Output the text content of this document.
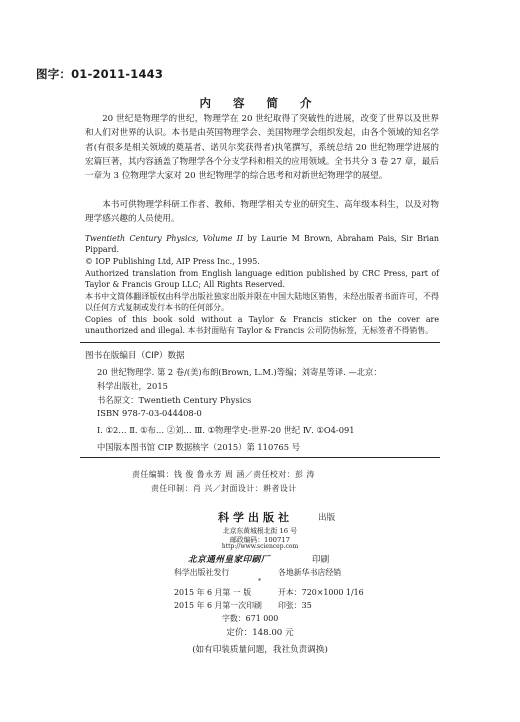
图字：01-2011-1443
内 容 简 介

20 世纪是物理学的世纪，物理学在 20 世纪取得了突破性的进展，改变了世界以及世界和人们对世界的认识。本书是由英国物理学会、美国物理学会组织发起，由各个领域的知名学者(有很多是相关领域的奠基者、诺贝尔奖获得者)执笔撰写，系统总结 20 世纪物理学进展的宏篇巨著，其内容涵盖了物理学各个分支学科和相关的应用领域。全书共分 3 卷 27 章，最后一章为 3 位物理学大家对 20 世纪物理学的综合思考和对新世纪物理学的展望。

本书可供物理学科研工作者、教师、物理学相关专业的研究生、高年级本科生，以及对物理学感兴趣的人员使用。

Twentieth Century Physics, Volume II by Laurie M Brown, Abraham Pais, Sir Brian Pippard.

© IOP Publishing Ltd, AIP Press Inc., 1995.

Authorized translation from English language edition published by CRC Press, part of Taylor & Francis Group LLC; All Rights Reserved.

本书中文简体翻译版权由科学出版社独家出版并限在中国大陆地区销售，未经出版者书面许可，不得以任何方式复制或发行本书的任何部分。

Copies of this book sold without a Taylor & Francis sticker on the cover are unauthorized and illegal. 本书封面贴有 Taylor & Francis 公司防伪标签，无标签者不得销售。

图书在版编目（CIP）数据
20 世纪物理学. 第 2 卷/(美)布朗(Brown, L.M.)等编；刘寄星等译. —北京：
科学出版社，2015
书名原文：Twentieth Century Physics
ISBN 978-7-03-044408-0
Ⅰ. ①2… Ⅱ. ①布… ②刘… Ⅲ. ①物理学史-世界-20 世纪 Ⅳ. ①O4-091
中国版本图书馆 CIP 数据核字（2015）第 110765 号
责任编辑：钱 俊 鲁永芳 周 涵／责任校对：彭 涛
责任印制：肖 兴／封面设计：耕者设计
科学出版社	出版
北京东黄城根北街 16 号
邮政编码：100717
http://www.sciencep.com
北京通州皇家印刷厂	印刷
科学出版社发行	各地新华书店经销
*
2015 年 6 月第 一 版	开本：720×1000 1/16
2015 年 6 月第一次印刷 印张：35
字数：671 000
定价：148.00 元
(如有印装质量问题，我社负责调换)
